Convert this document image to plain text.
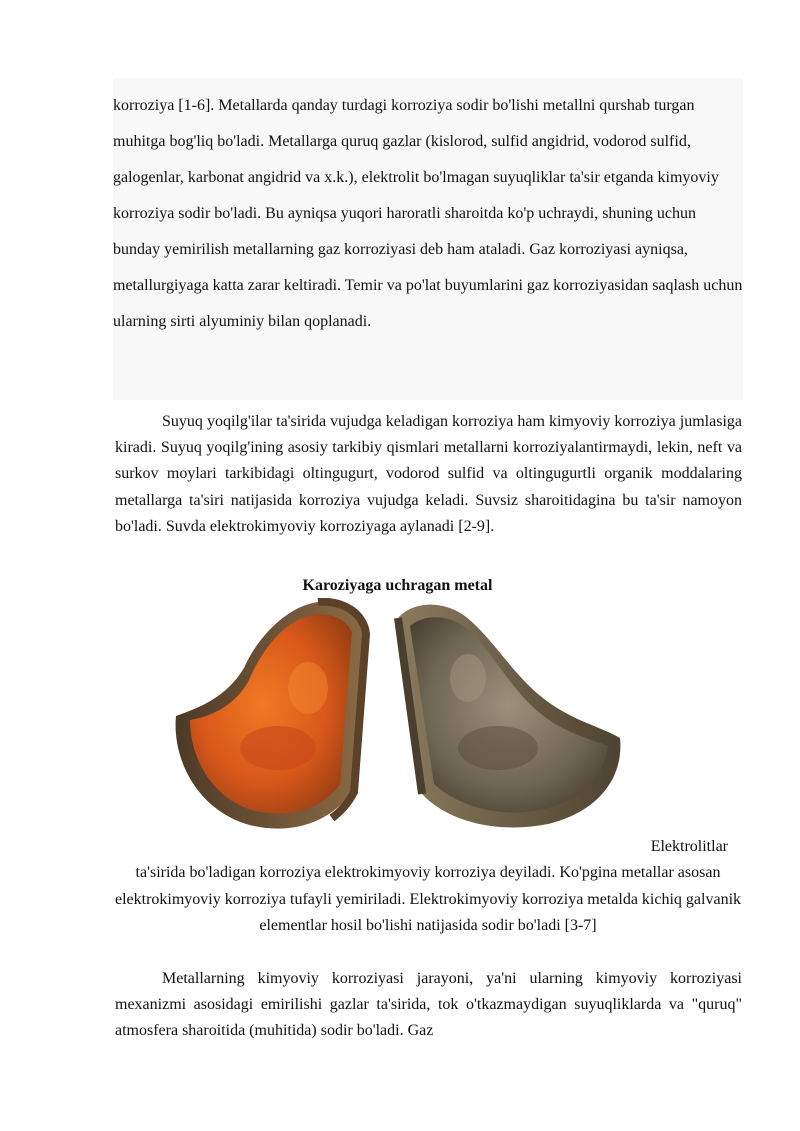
korroziya [1-6]. Metallarda qanday turdagi korroziya sodir bo'lishi metallni qurshab turgan muhitga bog'liq bo'ladi. Metallarga quruq gazlar (kislorod, sulfid angidrid, vodorod sulfid, galogenlar, karbonat angidrid va x.k.), elektrolit bo'lmagan suyuqliklar ta'sir etganda kimyoviy korroziya sodir bo'ladi. Bu ayniqsa yuqori haroratli sharoitda ko'p uchraydi, shuning uchun bunday yemirilish metallarning gaz korroziyasi deb ham ataladi. Gaz korroziyasi ayniqsa, metallurgiyaga katta zarar keltiradi. Temir va po'lat buyumlarini gaz korroziyasidan saqlash uchun ularning sirti alyuminiy bilan qoplanadi.

Suyuq yoqilg'ilar ta'sirida vujudga keladigan korroziya ham kimyoviy korroziya jumlasiga kiradi. Suyuq yoqilg'ining asosiy tarkibiy qismlari metallarni korroziyalantirmaydi, lekin, neft va surkov moylari tarkibidagi oltingugurt, vodorod sulfid va oltingugurtli organik moddalaring metallarga ta'siri natijasida korroziya vujudga keladi. Suvsiz sharoitidagina bu ta'sir namoyon bo'ladi. Suvda elektrokimyoviy korroziyaga aylanadi [2-9].

Karoziyaga uchragan metal
Elektrolitlar
ta'sirida bo'ladigan korroziya elektrokimyoviy korroziya deyiladi. Ko'pgina metallar asosan elektrokimyoviy korroziya tufayli yemiriladi. Elektrokimyoviy korroziya metalda kichiq galvanik elementlar hosil bo'lishi natijasida sodir bo'ladi [3-7]

Metallarning kimyoviy korroziyasi jarayoni, ya'ni ularning kimyoviy korroziyasi mexanizmi asosidagi emirilishi gazlar ta'sirida, tok o'tkazmaydigan suyuqliklarda va "quruq" atmosfera sharoitida (muhitida) sodir bo'ladi. Gaz
